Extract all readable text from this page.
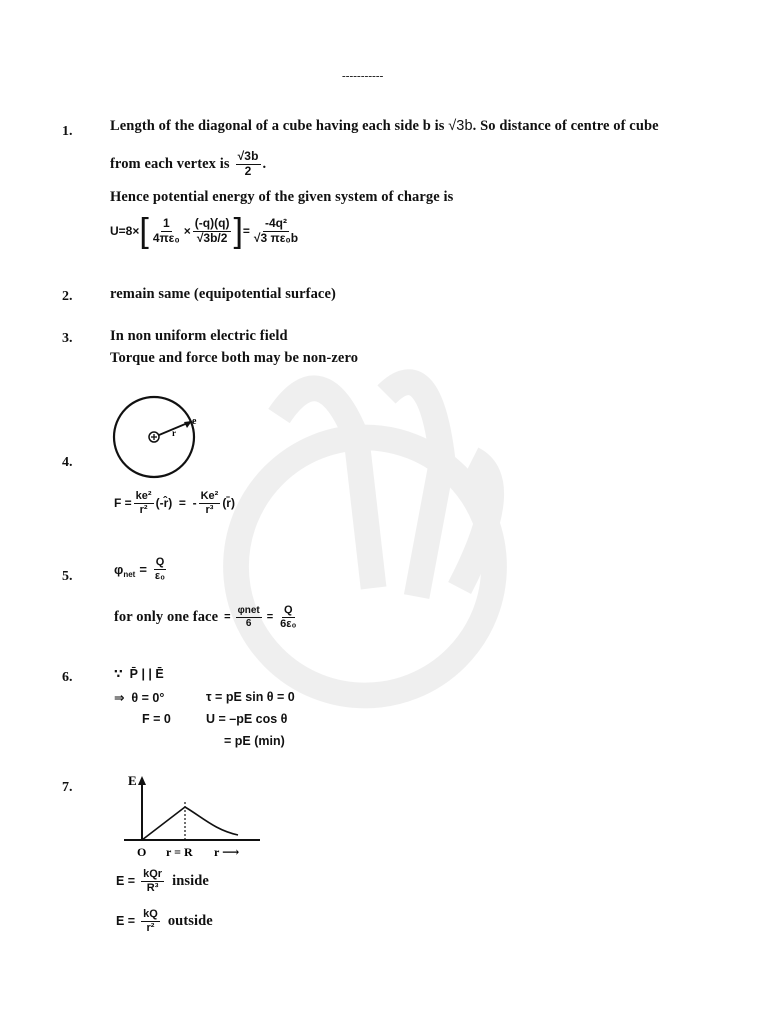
-----------
1.	Length of the diagonal of a cube having each side b is √3b. So distance of centre of cube
from each vertex is $\frac{√3b}{2}$ .
Hence potential energy of the given system of charge is
U=8× [ $\frac{1}{\text{4πε₀}} \times \frac{(-q)(q)}{√3b/2}$ ] = $\frac{\text{-4q²}}{\text{√3 πε₀b}}$
2.	remain same (equipotential surface)
3.	In non uniform electric field
Torque and force both may be non-zero
r
e
4.
$F = \frac{\text{ke²}}{\text{r²}}$ (-r̂)  =  - $\frac{\text{Ke²}}{\text{r³}}$ (r̄)
5.	φ net = $\frac{Q}{\text{ε₀}}$
for only one face = $\frac{\text{φnet}}{6} = \frac{Q}{\text{6ε₀}}$
6.	∵  P̄ | | Ē
⇒  θ = 0°	τ = pE sin θ = 0
F = 0	U = –pE cos θ
= pE (min)
7.	E
O r = R r ⟶
$E = \frac{\text{kQr}}{\text{R³}}$ inside
$E = \frac{kQ}{\text{r²}}$ outside
